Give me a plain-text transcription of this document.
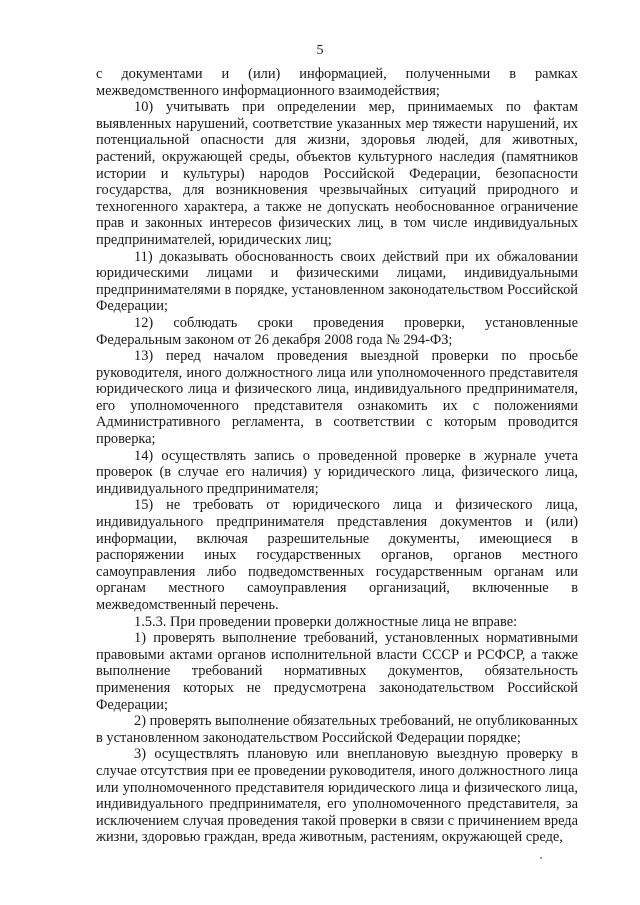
5

с документами и (или) информацией, полученными в рамках межведомственного информационного взаимодействия;

10) учитывать при определении мер, принимаемых по фактам выявленных нарушений, соответствие указанных мер тяжести нарушений, их потенциальной опасности для жизни, здоровья людей, для животных, растений, окружающей среды, объектов культурного наследия (памятников истории и культуры) народов Российской Федерации, безопасности государства, для возникновения чрезвычайных ситуаций природного и техногенного характера, а также не допускать необоснованное ограничение прав и законных интересов физических лиц, в том числе индивидуальных предпринимателей, юридических лиц;

11) доказывать обоснованность своих действий при их обжаловании юридическими лицами и физическими лицами, индивидуальными предпринимателями в порядке, установленном законодательством Российской Федерации;

12) соблюдать сроки проведения проверки, установленные Федеральным законом от 26 декабря 2008 года № 294-ФЗ;

13) перед началом проведения выездной проверки по просьбе руководителя, иного должностного лица или уполномоченного представителя юридического лица и физического лица, индивидуального предпринимателя, его уполномоченного представителя ознакомить их с положениями Административного регламента, в соответствии с которым проводится проверка;

14) осуществлять запись о проведенной проверке в журнале учета проверок (в случае его наличия) у юридического лица, физического лица, индивидуального предпринимателя;

15) не требовать от юридического лица и физического лица, индивидуального предпринимателя представления документов и (или) информации, включая разрешительные документы, имеющиеся в распоряжении иных государственных органов, органов местного самоуправления либо подведомственных государственным органам или органам местного самоуправления организаций, включенные в межведомственный перечень.

1.5.3. При проведении проверки должностные лица не вправе:

1) проверять выполнение требований, установленных нормативными правовыми актами органов исполнительной власти СССР и РСФСР, а также выполнение требований нормативных документов, обязательность применения которых не предусмотрена законодательством Российской Федерации;

2) проверять выполнение обязательных требований, не опубликованных в установленном законодательством Российской Федерации порядке;

3) осуществлять плановую или внеплановую выездную проверку в случае отсутствия при ее проведении руководителя, иного должностного лица или уполномоченного представителя юридического лица и физического лица, индивидуального предпринимателя, его уполномоченного представителя, за исключением случая проведения такой проверки в связи с причинением вреда жизни, здоровью граждан, вреда животным, растениям, окружающей среде,
